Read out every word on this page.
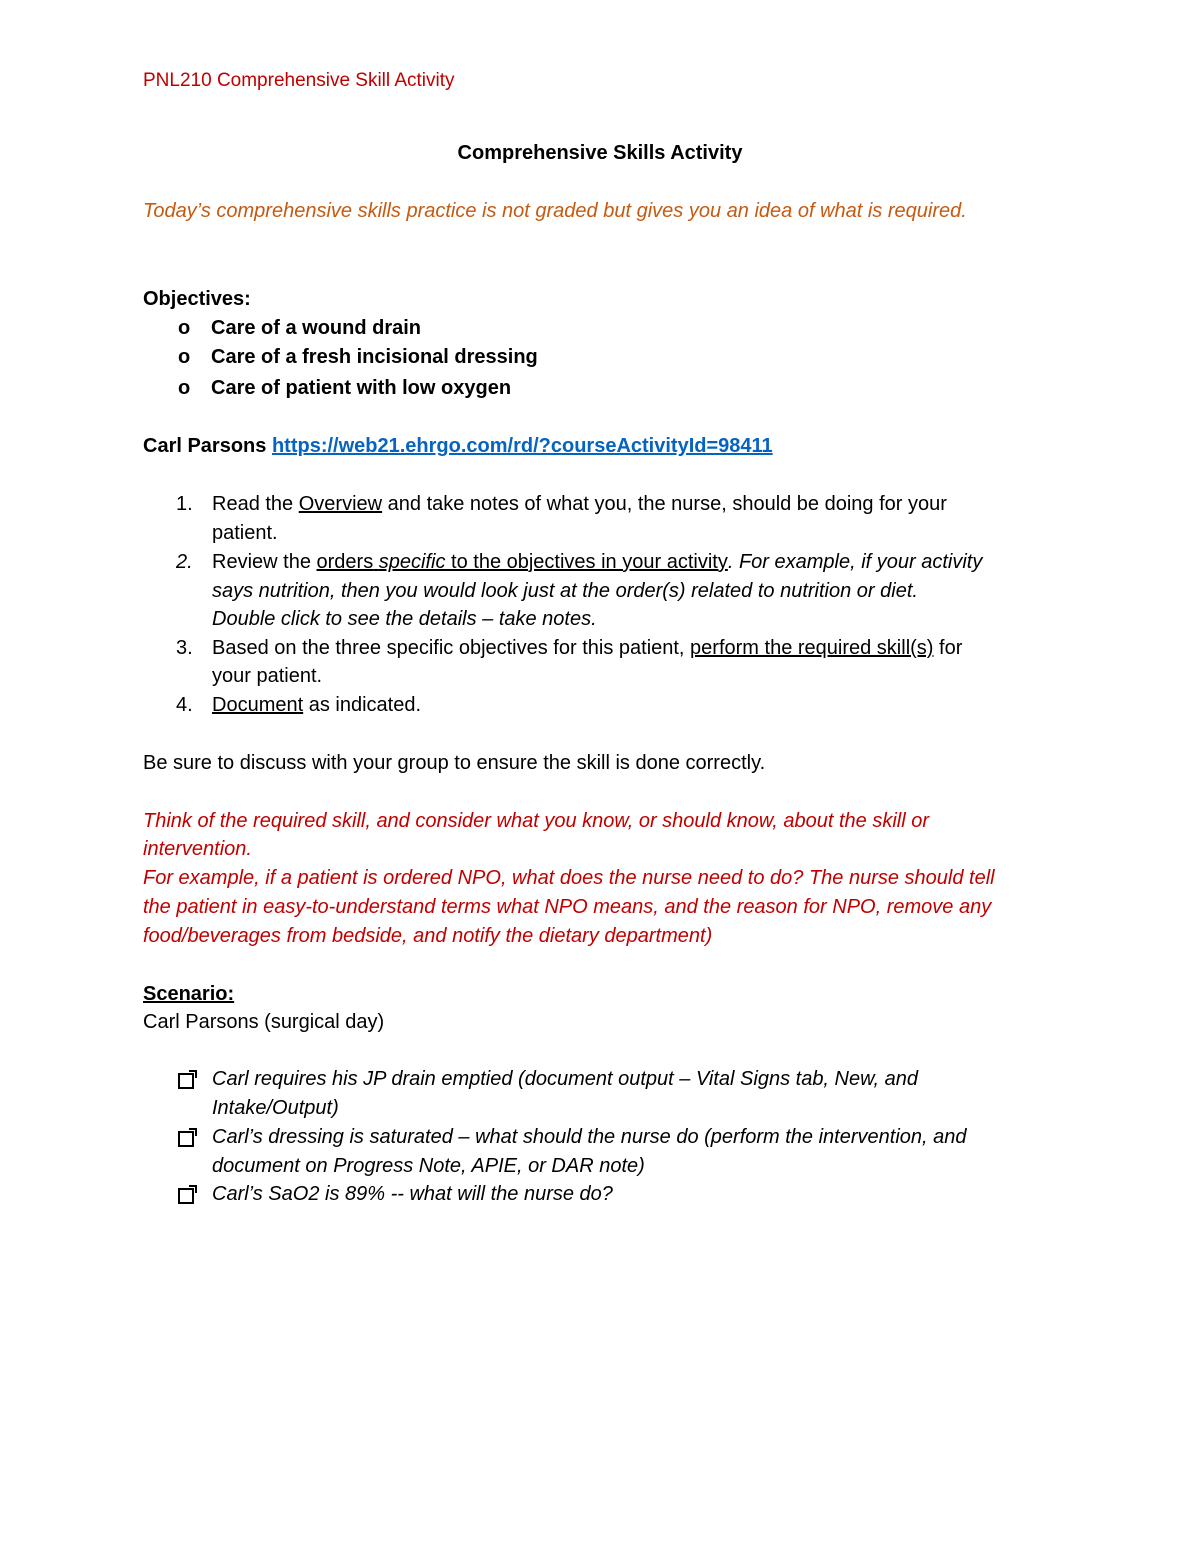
PNL210 Comprehensive Skill Activity
Comprehensive Skills Activity
Today’s comprehensive skills practice is not graded but gives you an idea of what is required.
Objectives:
o Care of a wound drain
o Care of a fresh incisional dressing
o Care of patient with low oxygen
Carl Parsons https://web21.ehrgo.com/rd/?courseActivityId=98411
1. Read the Overview and take notes of what you, the nurse, should be doing for your
patient.
2. Review the orders specific to the objectives in your activity. For example, if your activity
says nutrition, then you would look just at the order(s) related to nutrition or diet.
Double click to see the details – take notes.
3. Based on the three specific objectives for this patient, perform the required skill(s) for
your patient.
4. Document as indicated.
Be sure to discuss with your group to ensure the skill is done correctly.
Think of the required skill, and consider what you know, or should know, about the skill or
intervention.
For example, if a patient is ordered NPO, what does the nurse need to do? The nurse should tell
the patient in easy-to-understand terms what NPO means, and the reason for NPO, remove any
food/beverages from bedside, and notify the dietary department)
Scenario:
Carl Parsons (surgical day)
Carl requires his JP drain emptied (document output – Vital Signs tab, New, and
Intake/Output)
Carl’s dressing is saturated – what should the nurse do (perform the intervention, and
document on Progress Note, APIE, or DAR note)
Carl’s SaO2 is 89% -- what will the nurse do?
